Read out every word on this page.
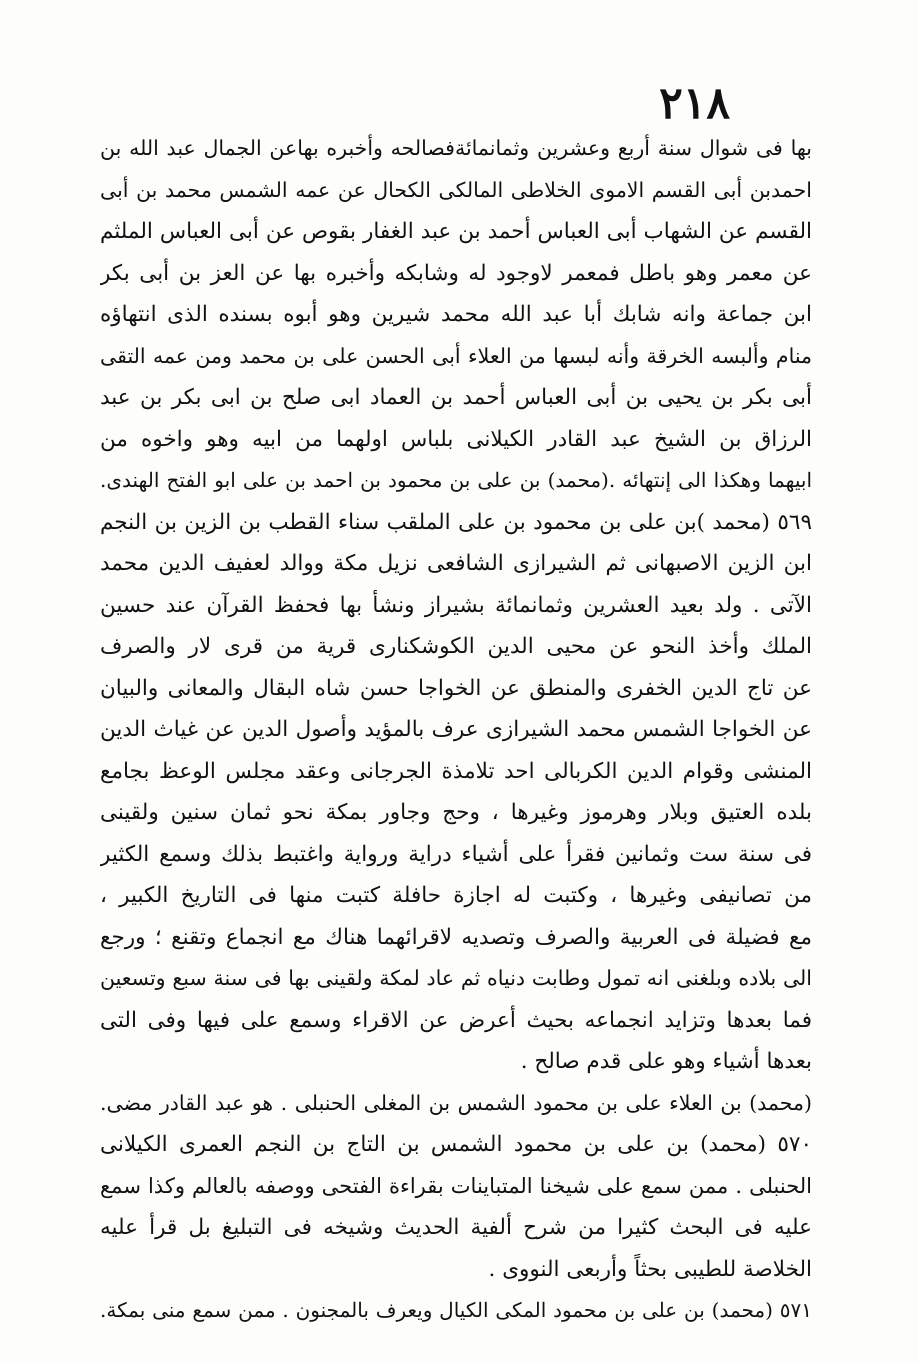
٢١٨
بها فى شوال سنة أربع وعشرين وثمانمائةفصالحه وأخبره بهاعن الجمال عبد الله بن
احمدبن أبى القسم الاموى الخلاطى المالكى الكحال عن عمه الشمس محمد بن أبى
القسم عن الشهاب أبى العباس أحمد بن عبد الغفار بقوص عن أبى العباس الملثم
عن معمر وهو باطل فمعمر لاوجود له وشابكه وأخبره بها عن العز بن أبى بكر
ابن جماعة وانه شابك أبا عبد الله محمد شيرين وهو أبوه بسنده الذى انتهاؤه
منام وألبسه الخرقة وأنه لبسها من العلاء أبى الحسن على بن محمد ومن عمه التقى
أبى بكر بن يحيى بن أبى العباس أحمد بن العماد ابى صلح بن ابى بكر بن عبد
الرزاق بن الشيخ عبد القادر الكيلانى بلباس اولهما من ابيه وهو واخوه من
ابيهما وهكذا الى إنتهائه .(محمد) بن على بن محمود بن احمد بن على ابو الفتح الهندى.
٥٦٩ (محمد )بن على بن محمود بن على الملقب سناء القطب بن الزين بن النجم
ابن الزين الاصبهانى ثم الشيرازى الشافعى نزيل مكة ووالد لعفيف الدين محمد
الآتى . ولد بعيد العشرين وثمانمائة بشيراز ونشأ بها فحفظ القرآن عند حسين
الملك وأخذ النحو عن محيى الدين الكوشكنارى قرية من قرى لار والصرف
عن تاج الدين الخفرى والمنطق عن الخواجا حسن شاه البقال والمعانى والبيان
عن الخواجا الشمس محمد الشيرازى عرف بالمؤيد وأصول الدين عن غياث الدين
المنشى وقوام الدين الكربالى احد تلامذة الجرجانى وعقد مجلس الوعظ بجامع
بلده العتيق وبلار وهرموز وغيرها ، وحج وجاور بمكة نحو ثمان سنين ولقينى
فى سنة ست وثمانين فقرأ على أشياء دراية ورواية واغتبط بذلك وسمع الكثير
من تصانيفى وغيرها ، وكتبت له اجازة حافلة كتبت منها فى التاريخ الكبير ،
مع فضيلة فى العربية والصرف وتصديه لاقرائهما هناك مع انجماع وتقنع ؛ ورجع
الى بلاده وبلغنى انه تمول وطابت دنياه ثم عاد لمكة ولقينى بها فى سنة سبع وتسعين
فما بعدها وتزايد انجماعه بحيث أعرض عن الاقراء وسمع على فيها وفى التى
بعدها أشياء وهو على قدم صالح .
(محمد) بن العلاء على بن محمود الشمس بن المغلى الحنبلى . هو عبد القادر مضى.
٥٧٠ (محمد) بن على بن محمود الشمس بن التاج بن النجم العمرى الكيلانى
الحنبلى . ممن سمع على شيخنا المتباينات بقراءة الفتحى ووصفه بالعالم وكذا سمع
عليه فى البحث كثيرا من شرح ألفية الحديث وشيخه فى التبليغ بل قرأ عليه
الخلاصة للطيبى بحثاً وأربعى النووى .
٥٧١ (محمد) بن على بن محمود المكى الكيال ويعرف بالمجنون . ممن سمع منى بمكة.
